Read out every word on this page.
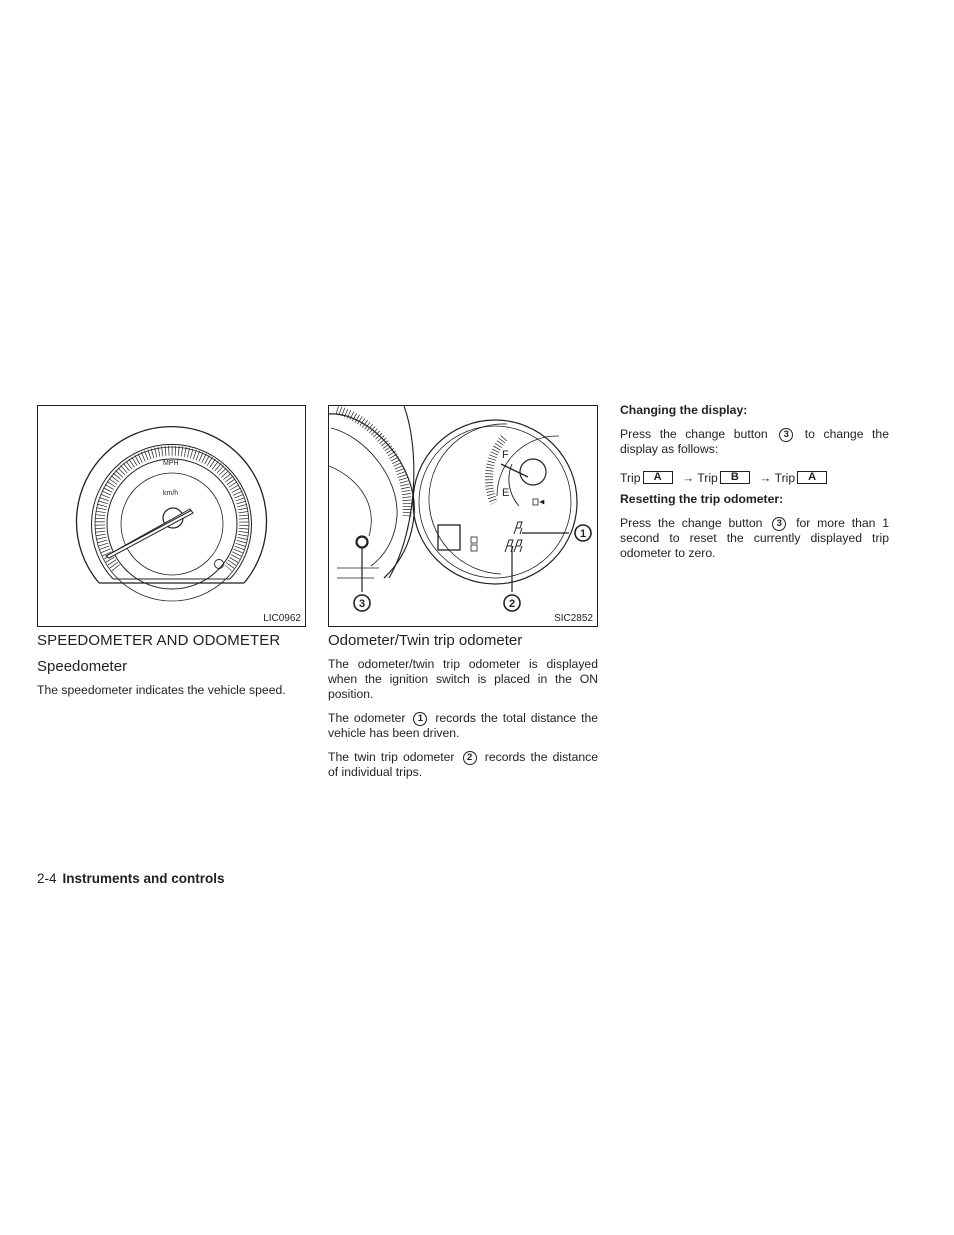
MPH
km/h
LIC0962
F
E
3	2
1
SIC2852
SPEEDOMETER AND ODOMETER
Speedometer

The speedometer indicates the vehicle speed.

Odometer/Twin trip odometer

The odometer/twin trip odometer is displayed when the ignition switch is placed in the ON position.

The odometer 1 records the total distance the vehicle has been driven.

The twin trip odometer 2 records the distance of individual trips.

Changing the display:

Press the change button 3 to change the display as follows:

Trip	A	→ Trip	B	→ Trip	A

Resetting the trip odometer:

Press the change button 3 for more than 1 second to reset the currently displayed trip odometer to zero.

2-4 Instruments and controls
